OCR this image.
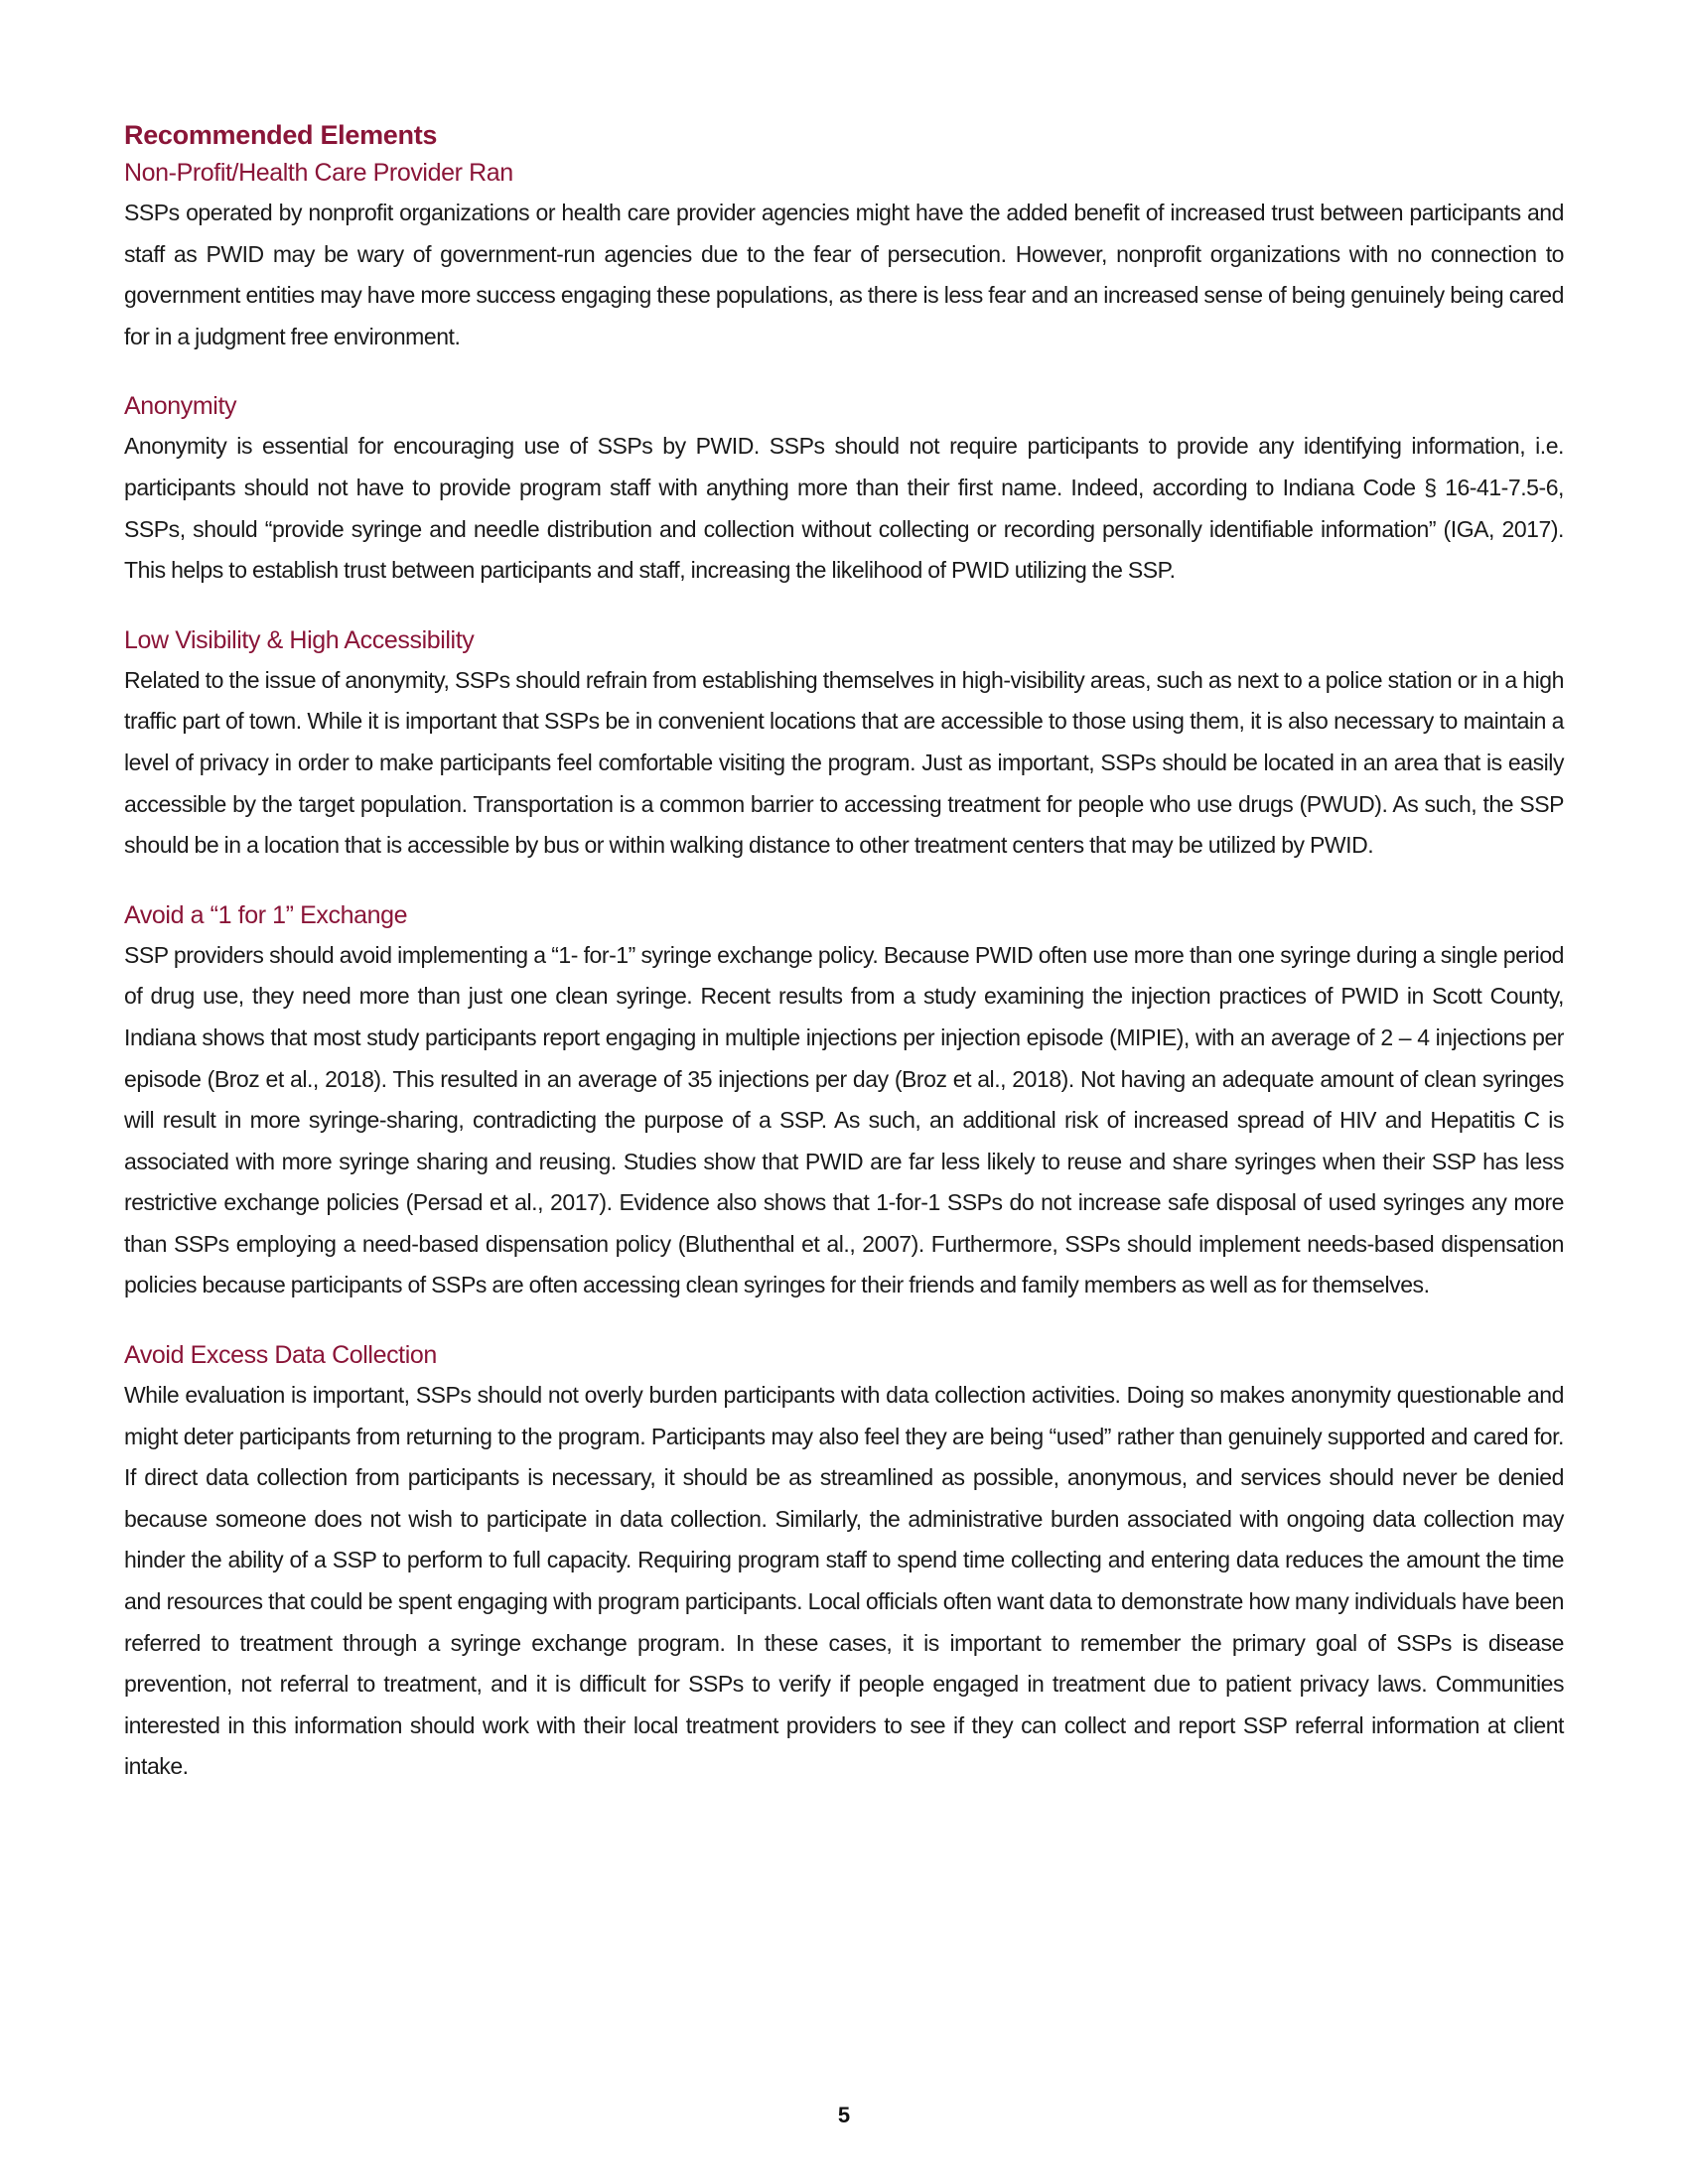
Recommended Elements
Non-Profit/Health Care Provider Ran

SSPs operated by nonprofit organizations or health care provider agencies might have the added benefit of increased trust between participants and staff as PWID may be wary of government-run agencies due to the fear of persecution. However, nonprofit organizations with no connection to government entities may have more success engaging these populations, as there is less fear and an increased sense of being genuinely being cared for in a judgment free environment.

Anonymity

Anonymity is essential for encouraging use of SSPs by PWID. SSPs should not require participants to provide any identifying information, i.e. participants should not have to provide program staff with anything more than their first name. Indeed, according to Indiana Code § 16-41-7.5-6, SSPs, should “provide syringe and needle distribution and collection without collecting or recording personally identifiable information” (IGA, 2017). This helps to establish trust between participants and staff, increasing the likelihood of PWID utilizing the SSP.

Low Visibility & High Accessibility

Related to the issue of anonymity, SSPs should refrain from establishing themselves in high-visibility areas, such as next to a police station or in a high traffic part of town. While it is important that SSPs be in convenient locations that are accessible to those using them, it is also necessary to maintain a level of privacy in order to make participants feel comfortable visiting the program. Just as important, SSPs should be located in an area that is easily accessible by the target population. Transportation is a common barrier to accessing treatment for people who use drugs (PWUD). As such, the SSP should be in a location that is accessible by bus or within walking distance to other treatment centers that may be utilized by PWID.

Avoid a “1 for 1” Exchange

SSP providers should avoid implementing a “1- for-1” syringe exchange policy. Because PWID often use more than one syringe during a single period of drug use, they need more than just one clean syringe. Recent results from a study examining the injection practices of PWID in Scott County, Indiana shows that most study participants report engaging in multiple injections per injection episode (MIPIE), with an average of 2 – 4 injections per episode (Broz et al., 2018). This resulted in an average of 35 injections per day (Broz et al., 2018). Not having an adequate amount of clean syringes will result in more syringe-sharing, contradicting the purpose of a SSP. As such, an additional risk of increased spread of HIV and Hepatitis C is associated with more syringe sharing and reusing. Studies show that PWID are far less likely to reuse and share syringes when their SSP has less restrictive exchange policies (Persad et al., 2017). Evidence also shows that 1-for-1 SSPs do not increase safe disposal of used syringes any more than SSPs employing a need-based dispensation policy (Bluthenthal et al., 2007). Furthermore, SSPs should implement needs-based dispensation policies because participants of SSPs are often accessing clean syringes for their friends and family members as well as for themselves.

Avoid Excess Data Collection

While evaluation is important, SSPs should not overly burden participants with data collection activities. Doing so makes anonymity questionable and might deter participants from returning to the program. Participants may also feel they are being “used” rather than genuinely supported and cared for. If direct data collection from participants is necessary, it should be as streamlined as possible, anonymous, and services should never be denied because someone does not wish to participate in data collection. Similarly, the administrative burden associated with ongoing data collection may hinder the ability of a SSP to perform to full capacity. Requiring program staff to spend time collecting and entering data reduces the amount the time and resources that could be spent engaging with program participants. Local officials often want data to demonstrate how many individuals have been referred to treatment through a syringe exchange program. In these cases, it is important to remember the primary goal of SSPs is disease prevention, not referral to treatment, and it is difficult for SSPs to verify if people engaged in treatment due to patient privacy laws. Communities interested in this information should work with their local treatment providers to see if they can collect and report SSP referral information at client intake.

5
